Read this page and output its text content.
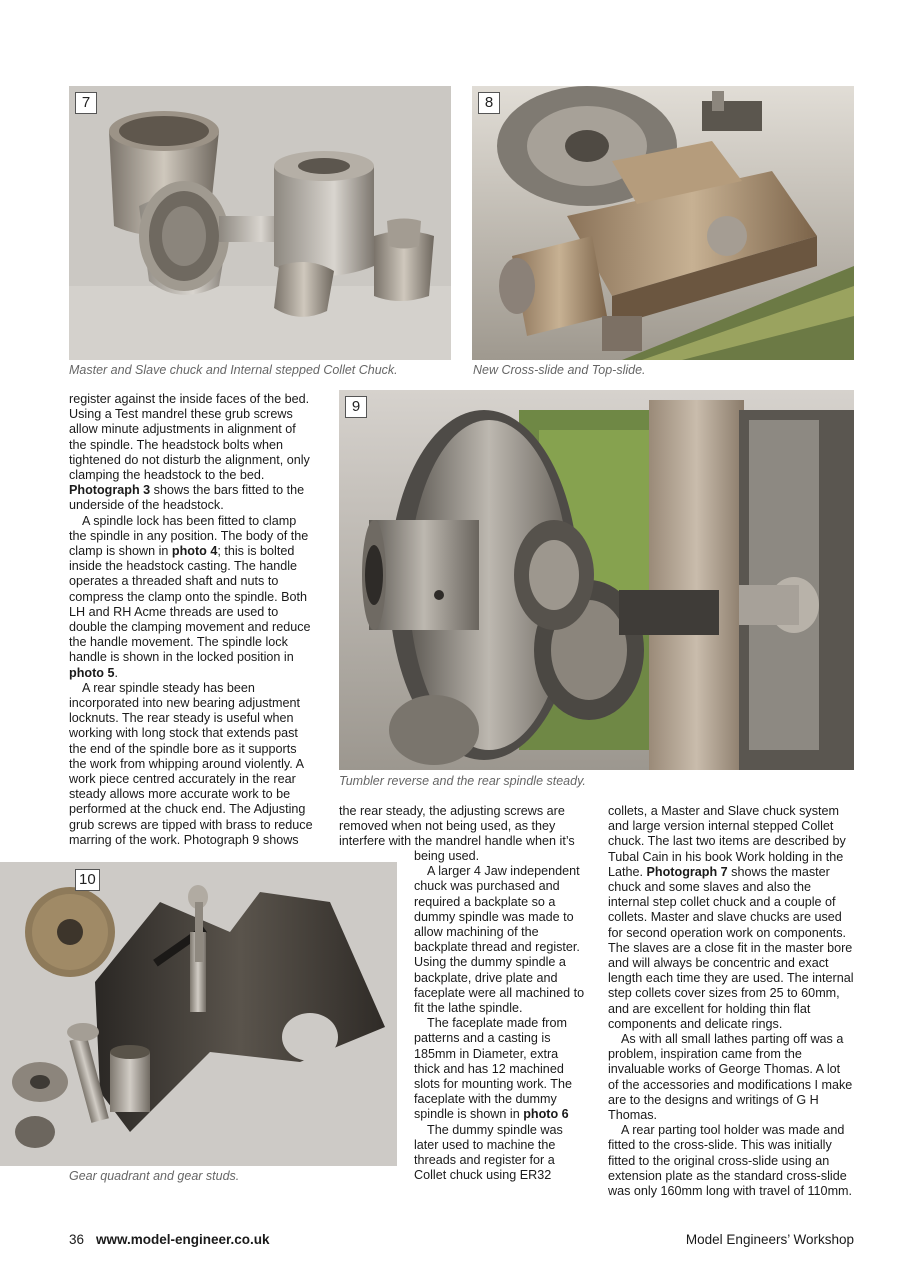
7
Master and Slave chuck and Internal stepped Collet Chuck.
8
New Cross-slide and Top-slide.
9
Tumbler reverse and the rear spindle steady.
10
Gear quadrant and gear studs.

register against the inside faces of the bed. Using a Test mandrel these grub screws allow minute adjustments in alignment of the spindle. The headstock bolts when tightened do not disturb the alignment, only clamping the headstock to the bed. Photograph 3 shows the bars fitted to the underside of the headstock.

A spindle lock has been fitted to clamp the spindle in any position. The body of the clamp is shown in photo 4; this is bolted inside the headstock casting. The handle operates a threaded shaft and nuts to compress the clamp onto the spindle. Both LH and RH Acme threads are used to double the clamping movement and reduce the handle movement. The spindle lock handle is shown in the locked position in photo 5.

A rear spindle steady has been incorporated into new bearing adjustment locknuts. The rear steady is useful when working with long stock that extends past the end of the spindle bore as it supports the work from whipping around violently. A work piece centred accurately in the rear steady allows more accurate work to be performed at the chuck end. The Adjusting grub screws are tipped with brass to reduce marring of the work. Photograph 9 shows

the rear steady, the adjusting screws are removed when not being used, as they interfere with the mandrel handle when it’s

being used.

A larger 4 Jaw independent chuck was purchased and required a backplate so a dummy spindle was made to allow machining of the backplate thread and register. Using the dummy spindle a backplate, drive plate and faceplate were all machined to fit the lathe spindle.

The faceplate made from patterns and a casting is 185mm in Diameter, extra thick and has 12 machined slots for mounting work. The faceplate with the dummy spindle is shown in photo 6

The dummy spindle was later used to machine the threads and register for a Collet chuck using ER32

collets, a Master and Slave chuck system and large version internal stepped Collet chuck. The last two items are described by Tubal Cain in his book Work holding in the Lathe. Photograph 7 shows the master chuck and some slaves and also the internal step collet chuck and a couple of collets. Master and slave chucks are used for second operation work on components. The slaves are a close fit in the master bore and will always be concentric and exact length each time they are used. The internal step collets cover sizes from 25 to 60mm, and are excellent for holding thin flat components and delicate rings.

As with all small lathes parting off was a problem, inspiration came from the invaluable works of George Thomas. A lot of the accessories and modifications I make are to the designs and writings of G H Thomas.

A rear parting tool holder was made and fitted to the cross-slide. This was initially fitted to the original cross-slide using an extension plate as the standard cross-slide was only 160mm long with travel of 110mm.

36 www.model-engineer.co.uk	Model Engineers’ Workshop
